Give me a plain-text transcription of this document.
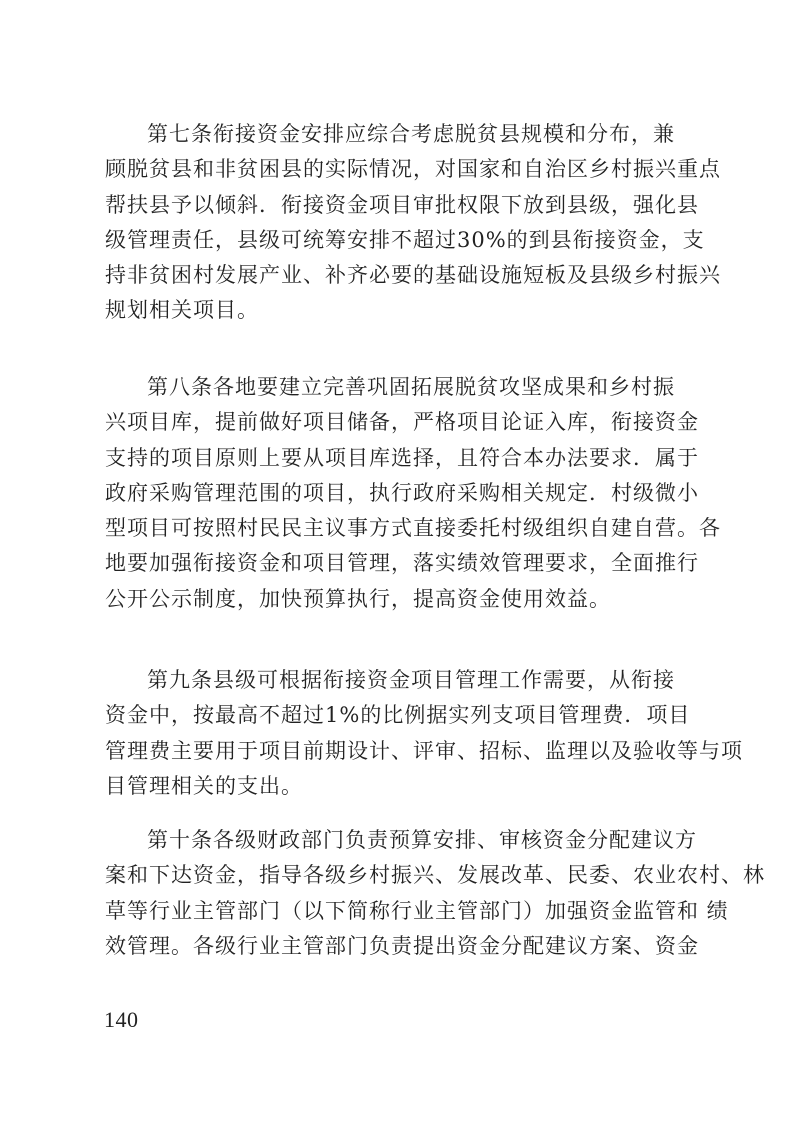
第七条衔接资金安排应综合考虑脱贫县规模和分布，兼
顾脱贫县和非贫困县的实际情况，对国家和自治区乡村振兴重点
帮扶县予以倾斜．衔接资金项目审批权限下放到县级，强化县
级管理责任，县级可统筹安排不超过30%的到县衔接资金，支
持非贫困村发展产业、补齐必要的基础设施短板及县级乡村振兴
规划相关项目。
第八条各地要建立完善巩固拓展脱贫攻坚成果和乡村振
兴项目库，提前做好项目储备，严格项目论证入库，衔接资金
支持的项目原则上要从项目库选择，且符合本办法要求．属于
政府采购管理范围的项目，执行政府采购相关规定．村级微小
型项目可按照村民民主议事方式直接委托村级组织自建自营。各
地要加强衔接资金和项目管理，落实绩效管理要求，全面推行
公开公示制度，加快预算执行，提高资金使用效益。
第九条县级可根据衔接资金项目管理工作需要，从衔接
资金中，按最高不超过1%的比例据实列支项目管理费．项目
管理费主要用于项目前期设计、评审、招标、监理以及验收等与项
目管理相关的支出。
第十条各级财政部门负责预算安排、审核资金分配建议方
案和下达资金，指导各级乡村振兴、发展改革、民委、农业农村、林
草等行业主管部门（以下简称行业主管部门）加强资金监管和 绩
效管理。各级行业主管部门负责提出资金分配建议方案、资金
140
